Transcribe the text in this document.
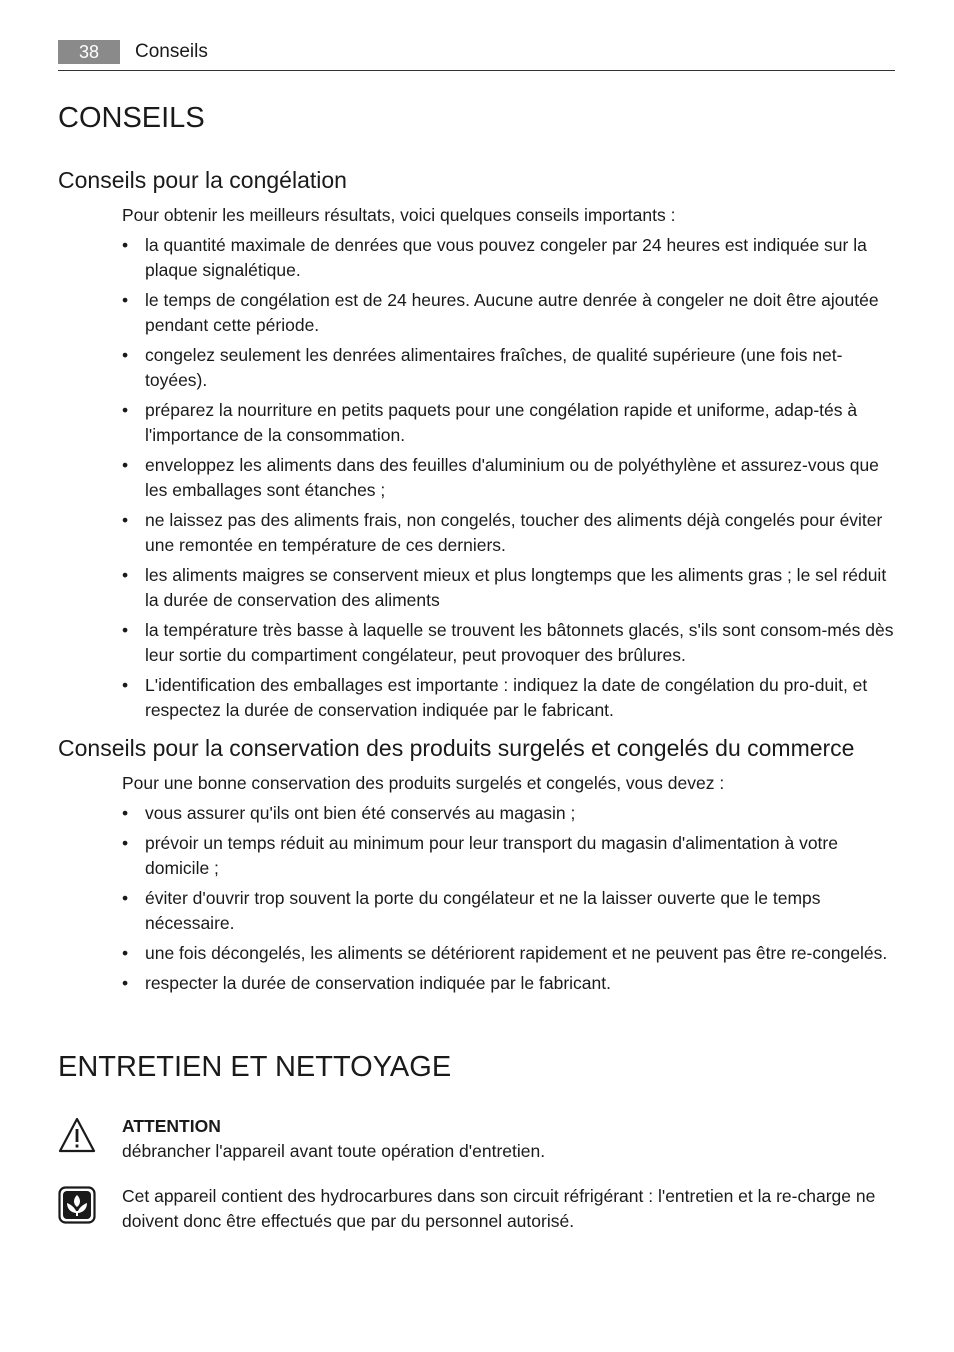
38	Conseils
CONSEILS
Conseils pour la congélation

Pour obtenir les meilleurs résultats, voici quelques conseils importants :

• la quantité maximale de denrées que vous pouvez congeler par 24 heures est indiquée sur la plaque signalétique.
• le temps de congélation est de 24 heures. Aucune autre denrée à congeler ne doit être ajoutée pendant cette période.
• congelez seulement les denrées alimentaires fraîches, de qualité supérieure (une fois net-toyées).
• préparez la nourriture en petits paquets pour une congélation rapide et uniforme, adap-tés à l'importance de la consommation.
• enveloppez les aliments dans des feuilles d'aluminium ou de polyéthylène et assurez-vous que les emballages sont étanches ;
• ne laissez pas des aliments frais, non congelés, toucher des aliments déjà congelés pour éviter une remontée en température de ces derniers.
• les aliments maigres se conservent mieux et plus longtemps que les aliments gras ; le sel réduit la durée de conservation des aliments
• la température très basse à laquelle se trouvent les bâtonnets glacés, s'ils sont consom-més dès leur sortie du compartiment congélateur, peut provoquer des brûlures.
• L'identification des emballages est importante : indiquez la date de congélation du pro-duit, et respectez la durée de conservation indiquée par le fabricant.
Conseils pour la conservation des produits surgelés et congelés du commerce

Pour une bonne conservation des produits surgelés et congelés, vous devez :

• vous assurer qu'ils ont bien été conservés au magasin ;
• prévoir un temps réduit au minimum pour leur transport du magasin d'alimentation à votre domicile ;
• éviter d'ouvrir trop souvent la porte du congélateur et ne la laisser ouverte que le temps nécessaire.
• une fois décongelés, les aliments se détériorent rapidement et ne peuvent pas être re-congelés.
• respecter la durée de conservation indiquée par le fabricant.
ENTRETIEN ET NETTOYAGE
ATTENTION
débrancher l'appareil avant toute opération d'entretien.
Cet appareil contient des hydrocarbures dans son circuit réfrigérant : l'entretien et la re-charge ne doivent donc être effectués que par du personnel autorisé.
